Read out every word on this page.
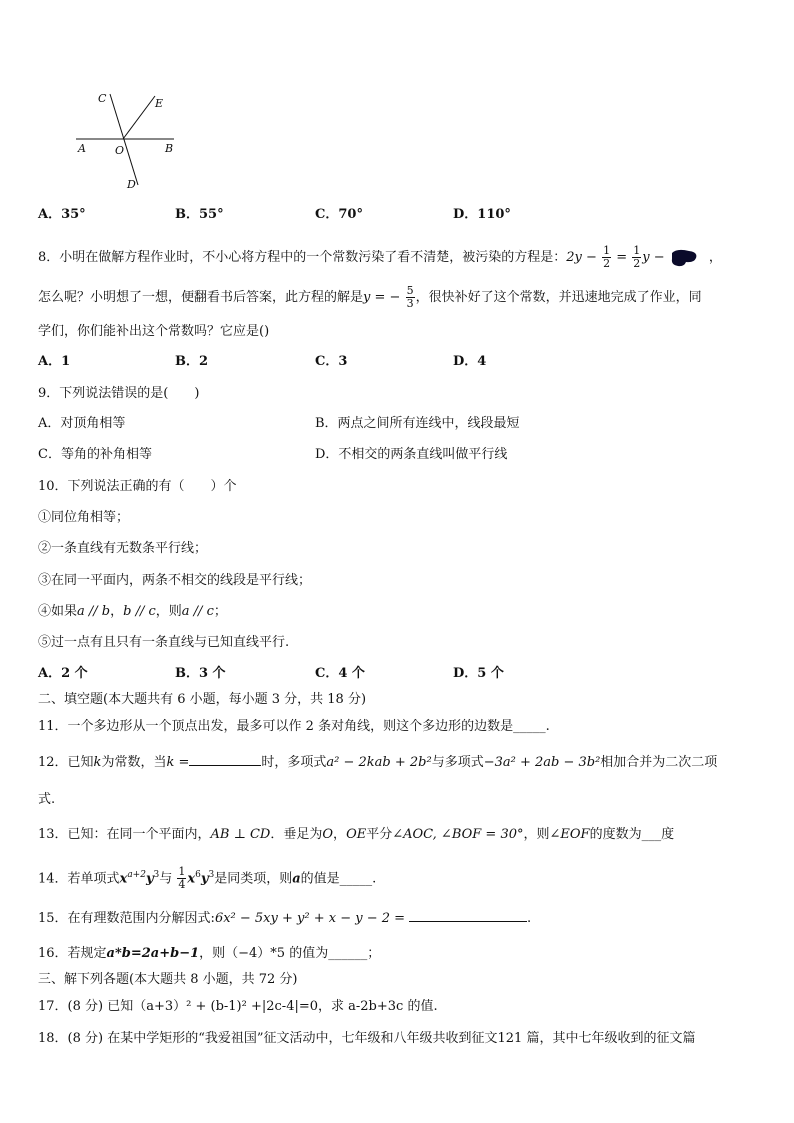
C	E
A	O	B
D
A．35°	B．55°	C．70°	D．110°
8．小明在做解方程作业时，不小心将方程中的一个常数污染了看不清楚，被污染的方程是：$2y - \frac{1}{2} = \frac{1}{2}$ y −	，
怎么呢？小明想了一想，便翻看书后答案，此方程的解是y = − $\frac{5}{3}$ ，很快补好了这个常数，并迅速地完成了作业，同
学们，你们能补出这个常数吗？它应是()
A．1	B．2	C．3	D．4
9．下列说法错误的是(　　)
A．对顶角相等	B．两点之间所有连线中，线段最短
C．等角的补角相等	D．不相交的两条直线叫做平行线
10．下列说法正确的有（　　）个
①同位角相等；
②一条直线有无数条平行线；
③在同一平面内，两条不相交的线段是平行线；
④如果a // b，b // c，则a // c；
⑤过一点有且只有一条直线与已知直线平行.
A．2 个	B．3 个	C．4 个	D．5 个
二、填空题(本大题共有 6 小题，每小题 3 分，共 18 分)
11．一个多边形从一个顶点出发，最多可以作 2 条对角线，则这个多边形的边数是_____.
12．已知k为常数，当k =	时，多项式a² − 2kab + 2b²与多项式−3a² + 2ab − 3b²相加合并为二次二项
式.
13．已知：在同一个平面内，AB ⊥ CD．垂足为O，OE平分∠AOC, ∠BOF = 30°，则∠EOF的度数为___度
14．若单项式$x^{a+2}y^3$与 $\frac{1}{4} x^6y^3$是同类项，则a的值是_____.
15．在有理数范围内分解因式:6x² − 5xy + y² + x − y − 2 =	.
16．若规定a*b=2a+b−1，则（−4）*5 的值为______；
三、解下列各题(本大题共 8 小题，共 72 分)
17．(8 分) 已知（a+3）² + (b-1)² +|2c-4|=0，求 a-2b+3c 的值.
18．(8 分) 在某中学矩形的“我爱祖国”征文活动中，七年级和八年级共收到征文121 篇，其中七年级收到的征文篇
